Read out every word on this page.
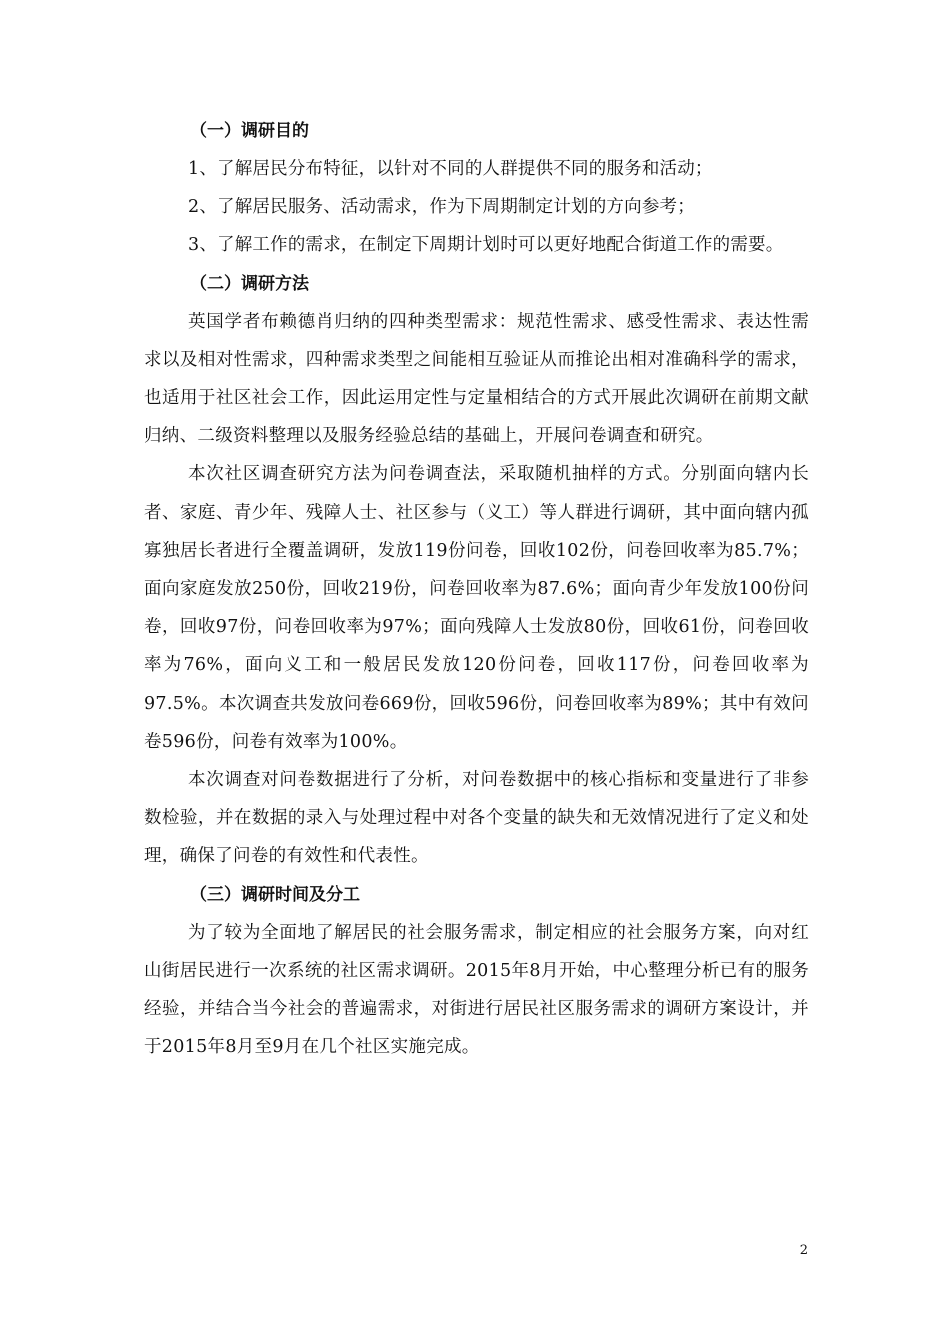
（一）调研目的
1、了解居民分布特征，以针对不同的人群提供不同的服务和活动；
2、了解居民服务、活动需求，作为下周期制定计划的方向参考；
3、了解工作的需求，在制定下周期计划时可以更好地配合街道工作的需要。
（二）调研方法

英国学者布赖德肖归纳的四种类型需求：规范性需求、感受性需求、表达性需求以及相对性需求，四种需求类型之间能相互验证从而推论出相对准确科学的需求，也适用于社区社会工作，因此运用定性与定量相结合的方式开展此次调研在前期文献归纳、二级资料整理以及服务经验总结的基础上，开展问卷调查和研究。

本次社区调查研究方法为问卷调查法，采取随机抽样的方式。分别面向辖内长者、家庭、青少年、残障人士、社区参与（义工）等人群进行调研，其中面向辖内孤寡独居长者进行全覆盖调研，发放119份问卷，回收102份，问卷回收率为85.7%；面向家庭发放250份，回收219份，问卷回收率为87.6%；面向青少年发放100份问卷，回收97份，问卷回收率为97%；面向残障人士发放80份，回收61份，问卷回收率为76%，面向义工和一般居民发放120份问卷，回收117份，问卷回收率为97.5%。本次调查共发放问卷669份，回收596份，问卷回收率为89%；其中有效问卷596份，问卷有效率为100%。

本次调查对问卷数据进行了分析，对问卷数据中的核心指标和变量进行了非参数检验，并在数据的录入与处理过程中对各个变量的缺失和无效情况进行了定义和处理，确保了问卷的有效性和代表性。

（三）调研时间及分工

为了较为全面地了解居民的社会服务需求，制定相应的社会服务方案，向对红山街居民进行一次系统的社区需求调研。2015年8月开始，中心整理分析已有的服务经验，并结合当今社会的普遍需求，对街进行居民社区服务需求的调研方案设计，并于2015年8月至9月在几个社区实施完成。

2
